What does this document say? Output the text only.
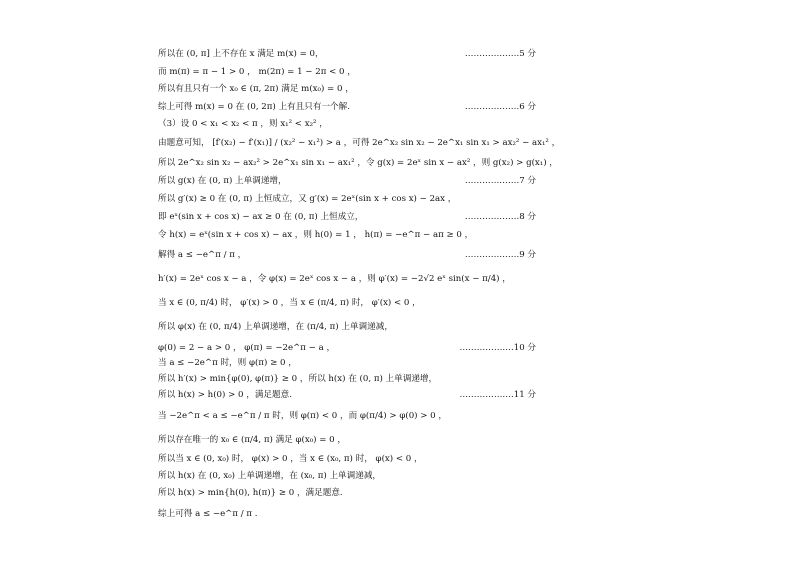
所以在 (0, π] 上不存在 x 满足 m(x) = 0，	……………….5 分
而 m(π) = π − 1 > 0 ， m(2π) = 1 − 2π < 0 ，
所以有且只有一个 x₀ ∈ (π, 2π) 满足 m(x₀) = 0 ，
综上可得 m(x) = 0 在 (0, 2π) 上有且只有一个解.	……………….6 分
（3）设 0 < x₁ < x₂ < π ，则 x₁² < x₂² ，
由题意可知， [f′(x₂) − f′(x₁)] / (x₂² − x₁²) > a ，可得 2e^x₂ sin x₂ − 2e^x₁ sin x₁ > ax₂² − ax₁² ，
所以 2e^x₂ sin x₂ − ax₂² > 2e^x₁ sin x₁ − ax₁² ，令 g(x) = 2eˣ sin x − ax² ，则 g(x₂) > g(x₁) ，
所以 g(x) 在 (0, π) 上单调递增，	……………….7 分
所以 g′(x) ≥ 0 在 (0, π) 上恒成立，又 g′(x) = 2eˣ(sin x + cos x) − 2ax ，
即 eˣ(sin x + cos x) − ax ≥ 0 在 (0, π) 上恒成立，	……………….8 分
令 h(x) = eˣ(sin x + cos x) − ax ，则 h(0) = 1 ， h(π) = −e^π − aπ ≥ 0 ，
解得 a ≤ −e^π / π ，	……………….9 分
h′(x) = 2eˣ cos x − a ，令 φ(x) = 2eˣ cos x − a ，则 φ′(x) = −2√2 eˣ sin(x − π/4) ，
当 x ∈ (0, π/4) 时， φ′(x) > 0 ，当 x ∈ (π/4, π) 时， φ′(x) < 0 ，
所以 φ(x) 在 (0, π/4) 上单调递增，在 (π/4, π) 上单调递减，
φ(0) = 2 − a > 0 ， φ(π) = −2e^π − a ，	……………….10 分
当 a ≤ −2e^π 时，则 φ(π) ≥ 0 ，
所以 h′(x) > min{φ(0), φ(π)} ≥ 0 ，所以 h(x) 在 (0, π) 上单调递增，
所以 h(x) > h(0) > 0 ，满足题意.	……………….11 分
当 −2e^π < a ≤ −e^π / π 时，则 φ(π) < 0 ，而 φ(π/4) > φ(0) > 0 ，
所以存在唯一的 x₀ ∈ (π/4, π) 满足 φ(x₀) = 0 ，
所以当 x ∈ (0, x₀) 时， φ(x) > 0 ，当 x ∈ (x₀, π) 时， φ(x) < 0 ，
所以 h(x) 在 (0, x₀) 上单调递增，在 (x₀, π) 上单调递减，
所以 h(x) > min{h(0), h(π)} ≥ 0 ，满足题意.
综上可得 a ≤ −e^π / π .
